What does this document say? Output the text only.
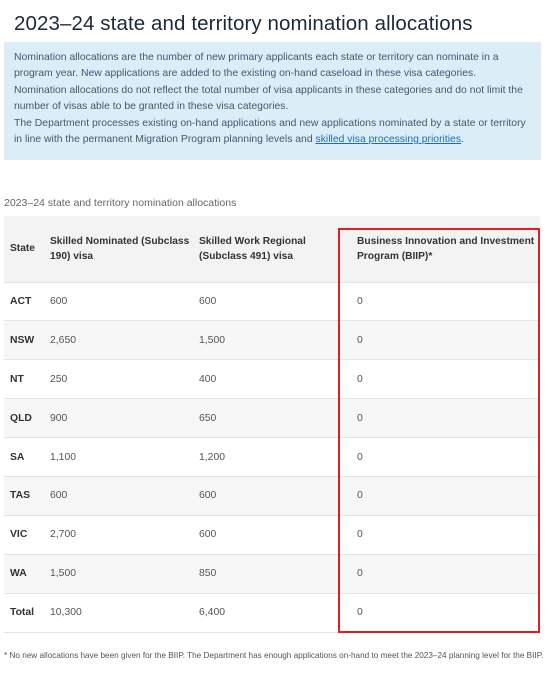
2023–24 state and territory nomination allocations

Nomination allocations are the number of new primary applicants each state or territory can nominate in a program year. New applications are added to the existing on-hand caseload in these visa categories.

Nomination allocations do not reflect the total number of visa applicants in these categories and do not limit the number of visas able to be granted in these visa categories.

The Department processes existing on-hand applications and new applications nominated by a state or territory in line with the permanent Migration Program planning levels and skilled visa processing priorities.

2023–24 state and territory nomination allocations
State	Skilled Nominated (Subclass 190) visa	Skilled Work Regional (Subclass 491) visa	Business Innovation and Investment Program (BIIP)*
ACT	600	600	0
NSW	2,650	1,500	0
NT	250	400	0
QLD	900	650	0
SA	1,100	1,200	0
TAS	600	600	0
VIC	2,700	600	0
WA	1,500	850	0
Total	10,300	6,400	0

* No new allocations have been given for the BIIP. The Department has enough applications on-hand to meet the 2023–24 planning level for the BIIP.
